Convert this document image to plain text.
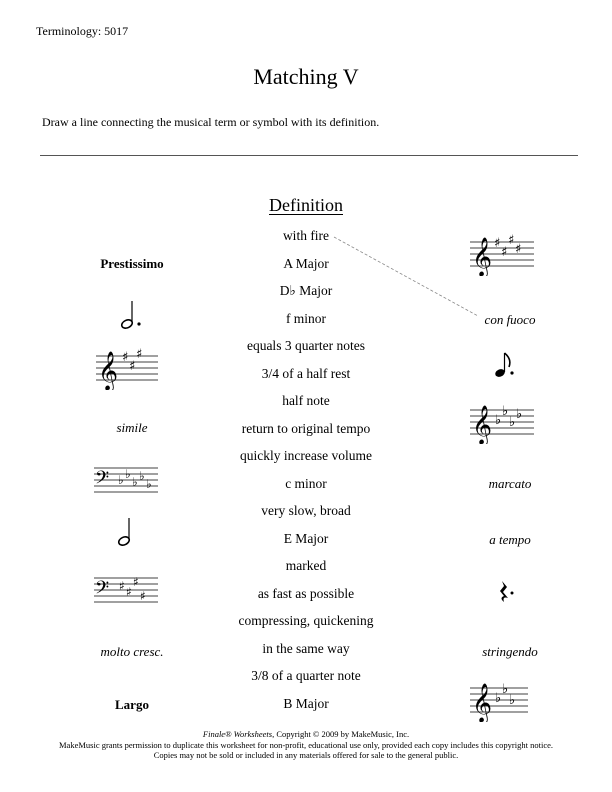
Terminology: 5017
Matching V
Draw a line connecting the musical term or symbol with its definition.
Definition
with fire
A Major
D♭ Major
f minor
equals 3 quarter notes
3/4 of a half rest
half note
return to original tempo
quickly increase volume
c minor
very slow, broad
E Major
marked
as fast as possible
compressing, quickening
in the same way
3/8 of a quarter note
B Major
Prestissimo
simile
molto cresc.
Largo
con fuoco
marcato
a tempo
stringendo
𝄞 ♯
♯
♯
𝄢 ♭ ♭
♭ ♭
♭
𝄢 ♯ ♯
♯
♯
𝄞 ♯
♯
♯
♯
𝄞 ♭
♭
♭
♭
𝄞 ♭
♭
♭
Finale® Worksheets, Copyright © 2009 by MakeMusic, Inc.
MakeMusic grants permission to duplicate this worksheet for non-profit, educational use only, provided each copy includes this copyright notice.
Copies may not be sold or included in any materials offered for sale to the general public.
